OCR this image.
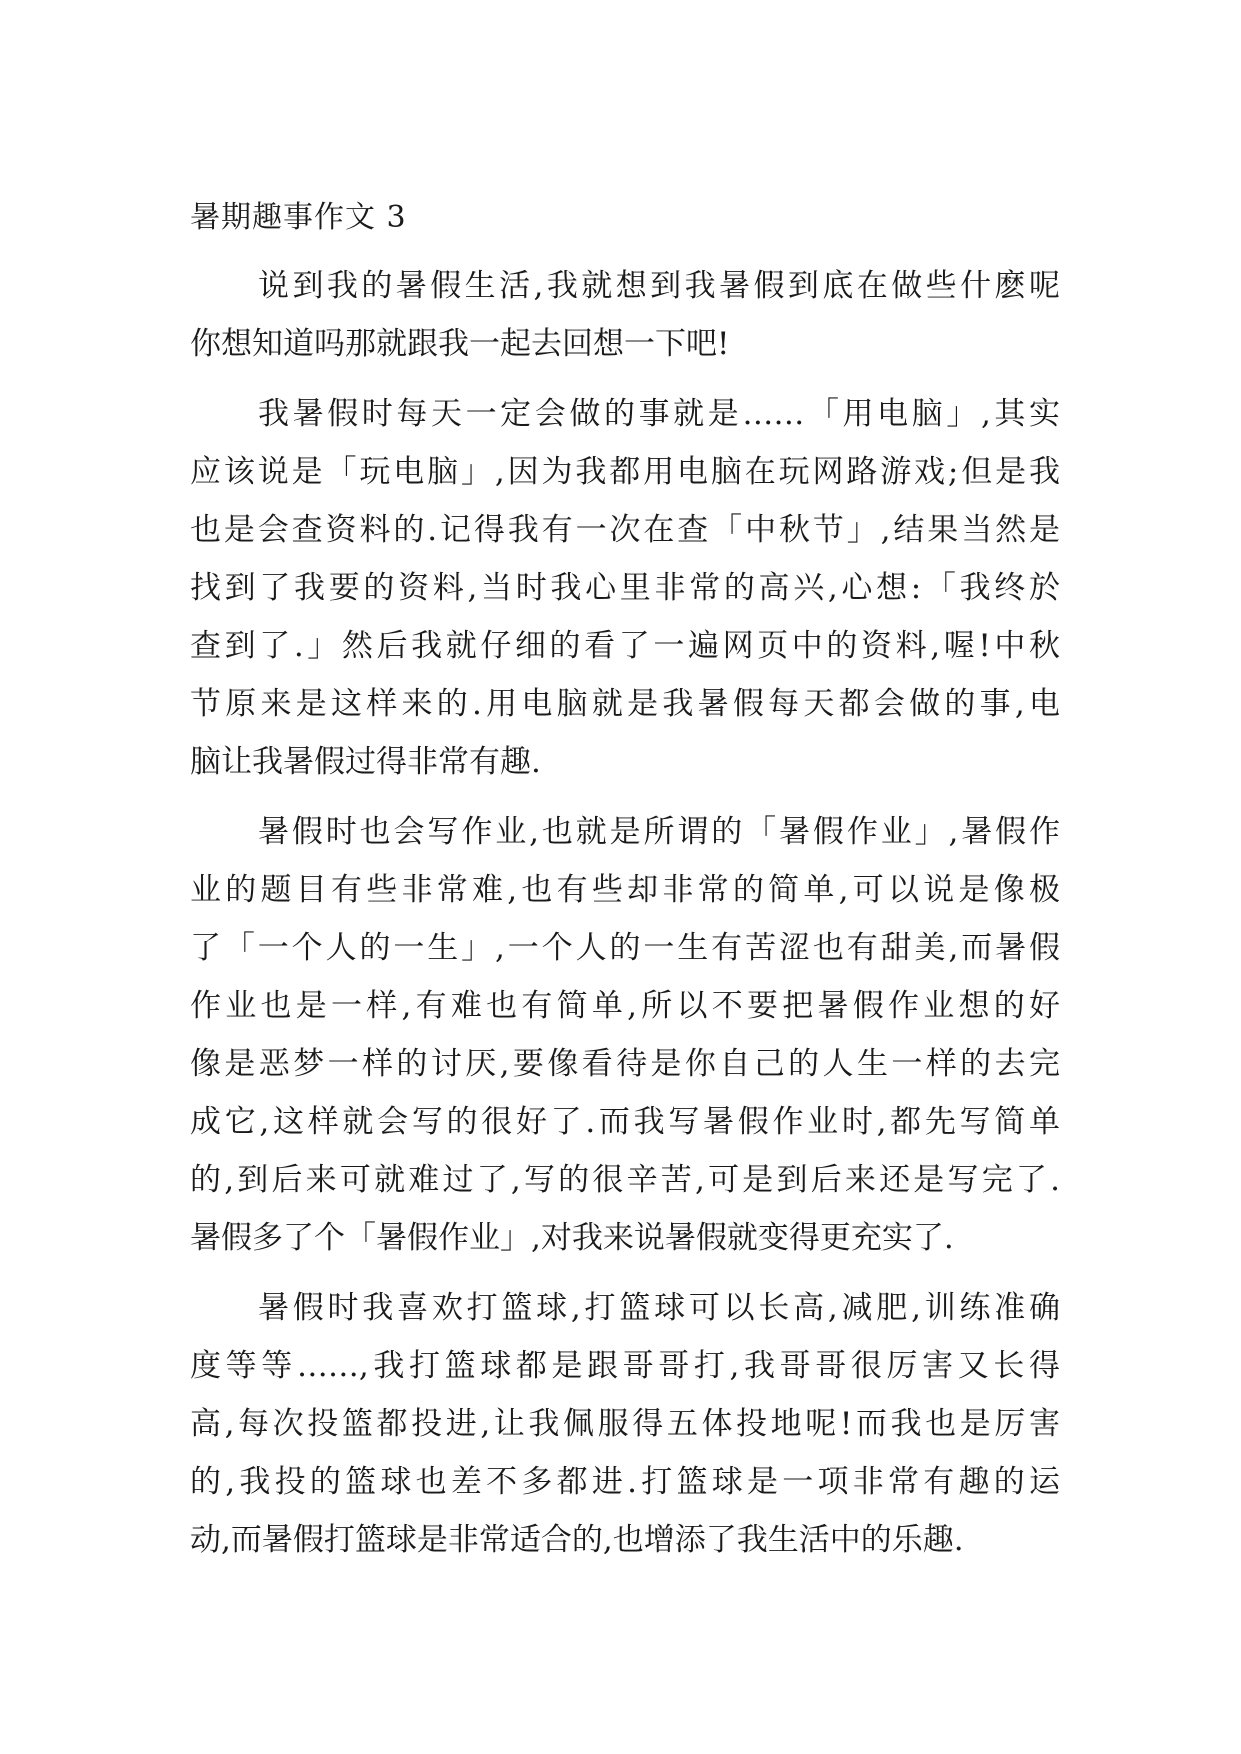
暑期趣事作文 3

说到我的暑假生活,我就想到我暑假到底在做些什麽呢
你想知道吗那就跟我一起去回想一下吧!

我暑假时每天一定会做的事就是……「用电脑」,其实
应该说是「玩电脑」,因为我都用电脑在玩网路游戏;但是我
也是会查资料的.记得我有一次在查「中秋节」,结果当然是
找到了我要的资料,当时我心里非常的高兴,心想:「我终於
查到了.」然后我就仔细的看了一遍网页中的资料,喔!中秋
节原来是这样来的.用电脑就是我暑假每天都会做的事,电
脑让我暑假过得非常有趣.

暑假时也会写作业,也就是所谓的「暑假作业」,暑假作
业的题目有些非常难,也有些却非常的简单,可以说是像极
了「一个人的一生」,一个人的一生有苦涩也有甜美,而暑假
作业也是一样,有难也有简单,所以不要把暑假作业想的好
像是恶梦一样的讨厌,要像看待是你自己的人生一样的去完
成它,这样就会写的很好了.而我写暑假作业时,都先写简单
的,到后来可就难过了,写的很辛苦,可是到后来还是写完了.
暑假多了个「暑假作业」,对我来说暑假就变得更充实了.

暑假时我喜欢打篮球,打篮球可以长高,减肥,训练准确
度等等……,我打篮球都是跟哥哥打,我哥哥很厉害又长得
高,每次投篮都投进,让我佩服得五体投地呢!而我也是厉害
的,我投的篮球也差不多都进.打篮球是一项非常有趣的运
动,而暑假打篮球是非常适合的,也增添了我生活中的乐趣.
